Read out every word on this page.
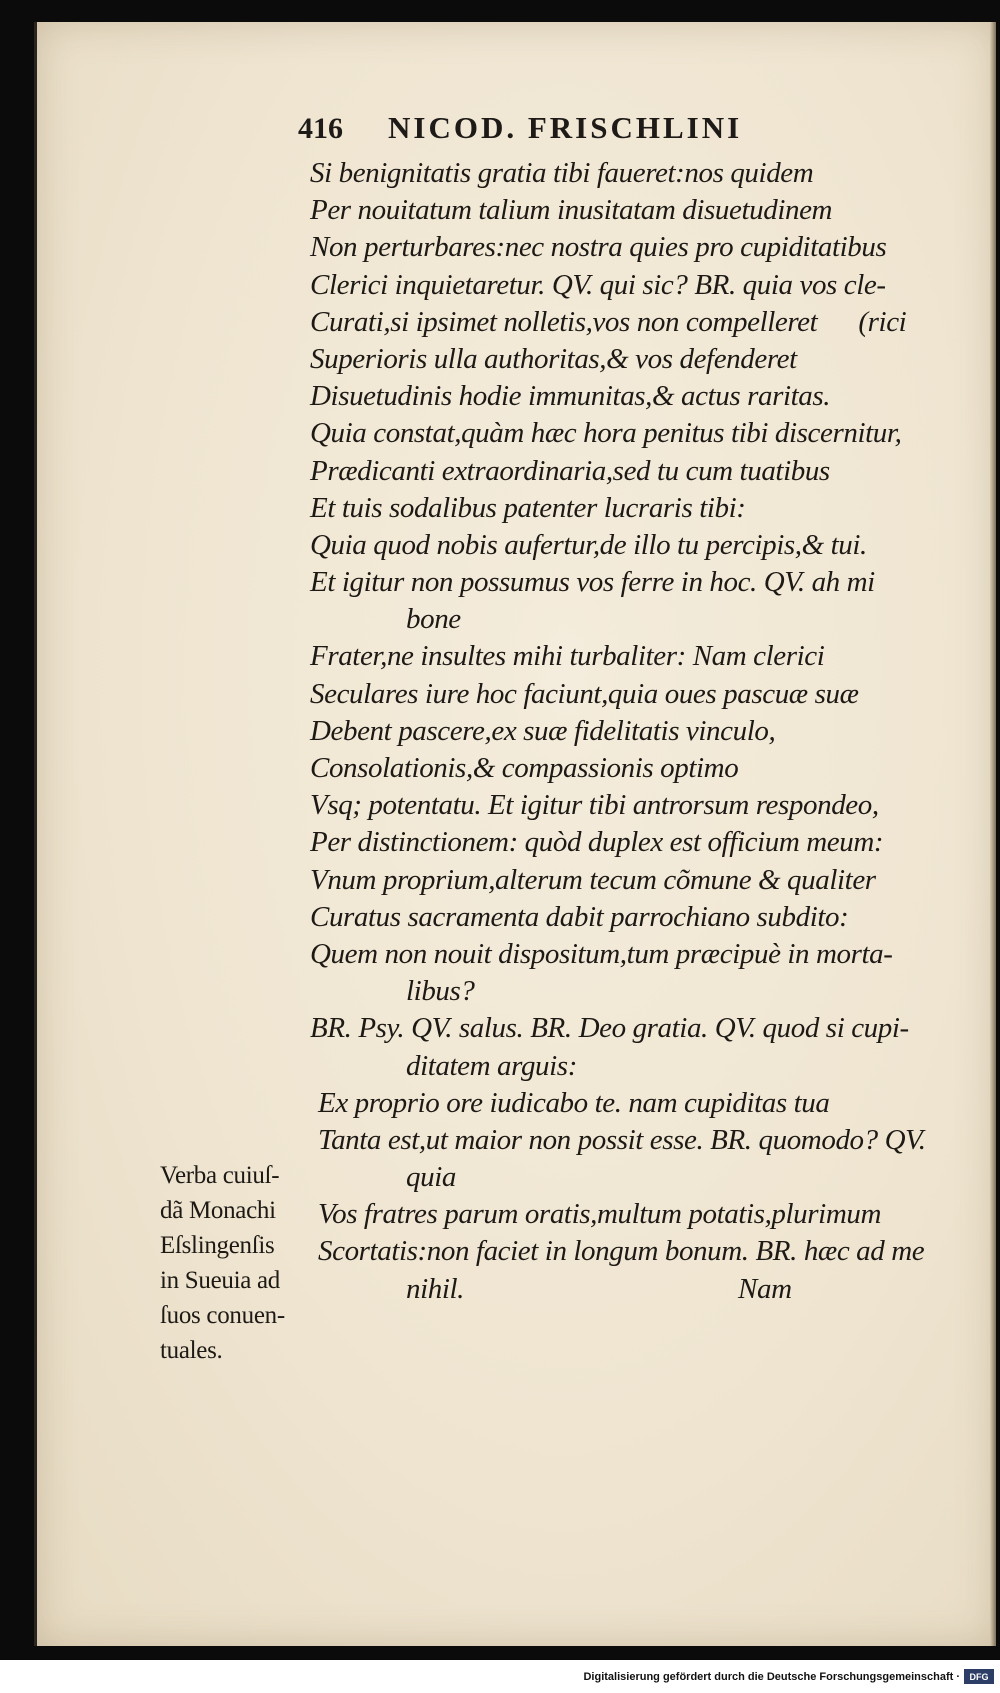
416	NICOD. FRISCHLINI
Si benignitatis gratia tibi faueret:nos quidem
Per nouitatum talium inusitatam disuetudinem
Non perturbares:nec nostra quies pro cupiditatibus
Clerici inquietaretur. QV. qui sic? BR. quia vos cle-
Curati,si ipsimet nolletis,vos non compelleret      (rici
Superioris ulla authoritas,& vos defenderet
Disuetudinis hodie immunitas,& actus raritas.
Quia constat,quàm hæc hora penitus tibi discernitur,
Prædicanti extraordinaria,sed tu cum tuatibus
Et tuis sodalibus patenter lucraris tibi:
Quia quod nobis aufertur,de illo tu percipis,& tui.
Et igitur non possumus vos ferre in hoc. QV. ah mi
bone
Frater,ne insultes mihi turbaliter: Nam clerici
Seculares iure hoc faciunt,quia oues pascuæ suæ
Debent pascere,ex suæ fidelitatis vinculo,
Consolationis,& compassionis optimo
Vsq; potentatu. Et igitur tibi antrorsum respondeo,
Per distinctionem: quòd duplex est officium meum:
Vnum proprium,alterum tecum cõmune & qualiter
Curatus sacramenta dabit parrochiano subdito:
Quem non nouit dispositum,tum præcipuè in morta-
libus?
BR. Psy. QV. salus. BR. Deo gratia. QV. quod si cupi-
ditatem arguis:
Ex proprio ore iudicabo te. nam cupiditas tua
Tanta est,ut maior non possit esse. BR. quomodo? QV.
quia
Vos fratres parum oratis,multum potatis,plurimum
Scortatis:non faciet in longum bonum. BR. hæc ad me
nihil.                                        Nam
Verba cuiuſ-
dã Monachi
Eſslingenſis
in Sueuia ad
ſuos conuen-
tuales.
Digitalisierung gefördert durch die Deutsche Forschungsgemeinschaft ·	DFG
